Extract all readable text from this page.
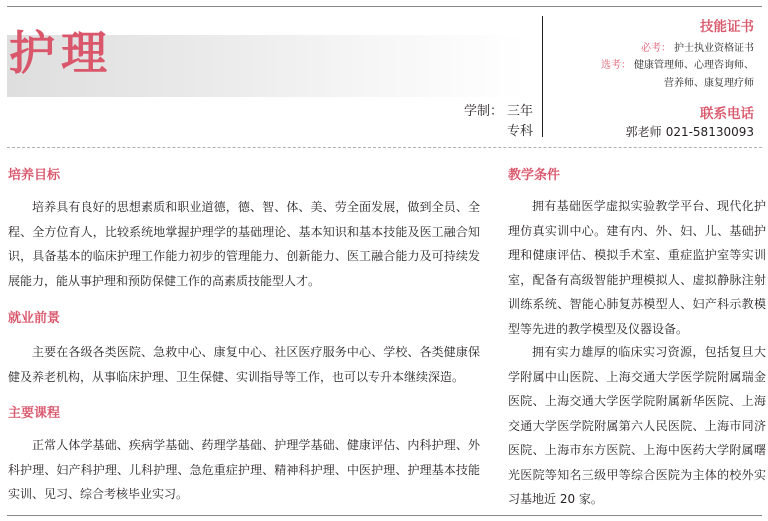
护理
学制： 三年
专科
技能证书
必考： 护士执业资格证书
选考： 健康管理师、心理咨询师、
营养师、康复理疗师
联系电话
郭老师 021-58130093
培养目标

培养具有良好的思想素质和职业道德，德、智、体、美、劳全面发展，做到全员、全程、全方位育人，比较系统地掌握护理学的基础理论、基本知识和基本技能及医工融合知识，具备基本的临床护理工作能力初步的管理能力、创新能力、医工融合能力及可持续发展能力，能从事护理和预防保健工作的高素质技能型人才。

就业前景

主要在各级各类医院、急救中心、康复中心、社区医疗服务中心、学校、各类健康保健及养老机构，从事临床护理、卫生保健、实训指导等工作，也可以专升本继续深造。

主要课程

正常人体学基础、疾病学基础、药理学基础、护理学基础、健康评估、内科护理、外科护理、妇产科护理、儿科护理、急危重症护理、精神科护理、中医护理、护理基本技能实训、见习、综合考核毕业实习。

教学条件

拥有基础医学虚拟实验教学平台、现代化护理仿真实训中心。建有内、外、妇、儿、基础护理和健康评估、模拟手术室、重症监护室等实训室，配备有高级智能护理模拟人、虚拟静脉注射训练系统、智能心肺复苏模型人、妇产科示教模型等先进的教学模型及仪器设备。

拥有实力雄厚的临床实习资源，包括复旦大学附属中山医院、上海交通大学医学院附属瑞金医院、上海交通大学医学院附属新华医院、上海交通大学医学院附属第六人民医院、上海市同济医院、上海市东方医院、上海中医药大学附属曙光医院等知名三级甲等综合医院为主体的校外实习基地近 20 家。
